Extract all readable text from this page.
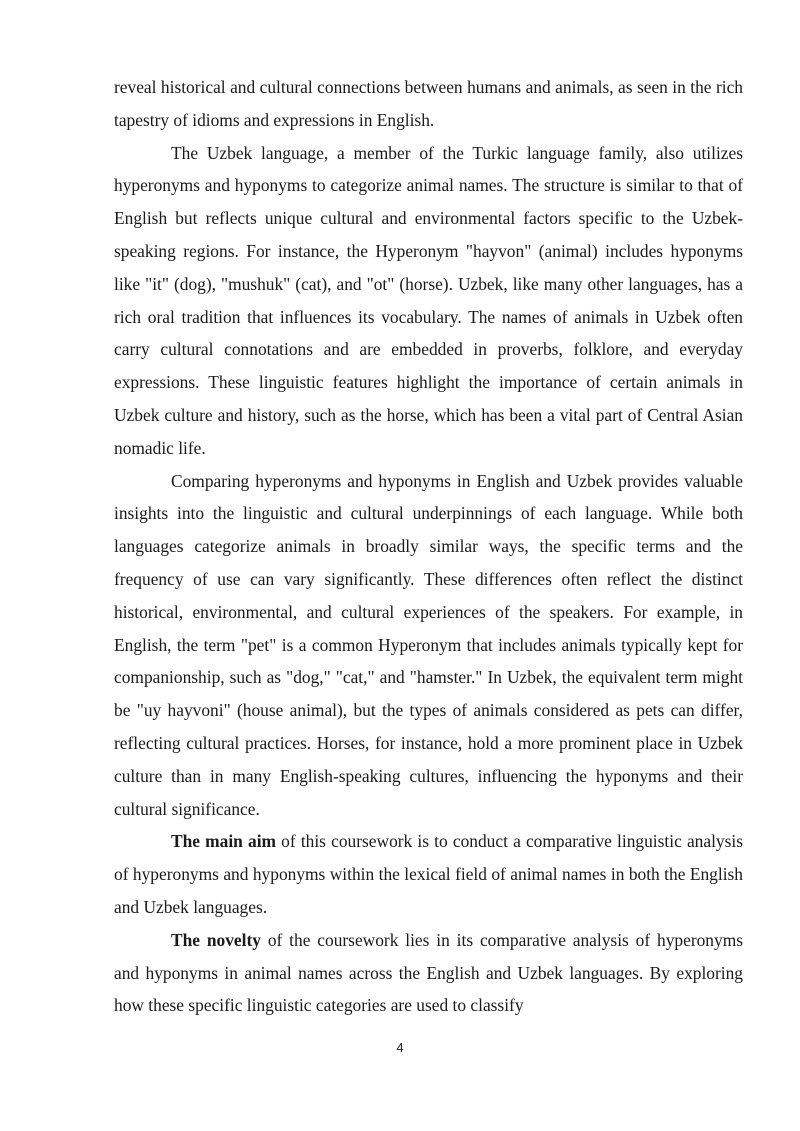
reveal historical and cultural connections between humans and animals, as seen in the rich tapestry of idioms and expressions in English.

The Uzbek language, a member of the Turkic language family, also utilizes hyperonyms and hyponyms to categorize animal names. The structure is similar to that of English but reflects unique cultural and environmental factors specific to the Uzbek-speaking regions. For instance, the Hyperonym "hayvon" (animal) includes hyponyms like "it" (dog), "mushuk" (cat), and "ot" (horse). Uzbek, like many other languages, has a rich oral tradition that influences its vocabulary. The names of animals in Uzbek often carry cultural connotations and are embedded in proverbs, folklore, and everyday expressions. These linguistic features highlight the importance of certain animals in Uzbek culture and history, such as the horse, which has been a vital part of Central Asian nomadic life.

Comparing hyperonyms and hyponyms in English and Uzbek provides valuable insights into the linguistic and cultural underpinnings of each language. While both languages categorize animals in broadly similar ways, the specific terms and the frequency of use can vary significantly. These differences often reflect the distinct historical, environmental, and cultural experiences of the speakers. For example, in English, the term "pet" is a common Hyperonym that includes animals typically kept for companionship, such as "dog," "cat," and "hamster." In Uzbek, the equivalent term might be "uy hayvoni" (house animal), but the types of animals considered as pets can differ, reflecting cultural practices. Horses, for instance, hold a more prominent place in Uzbek culture than in many English-speaking cultures, influencing the hyponyms and their cultural significance.

The main aim of this coursework is to conduct a comparative linguistic analysis of hyperonyms and hyponyms within the lexical field of animal names in both the English and Uzbek languages.

The novelty of the coursework lies in its comparative analysis of hyperonyms and hyponyms in animal names across the English and Uzbek languages. By exploring how these specific linguistic categories are used to classify

4
